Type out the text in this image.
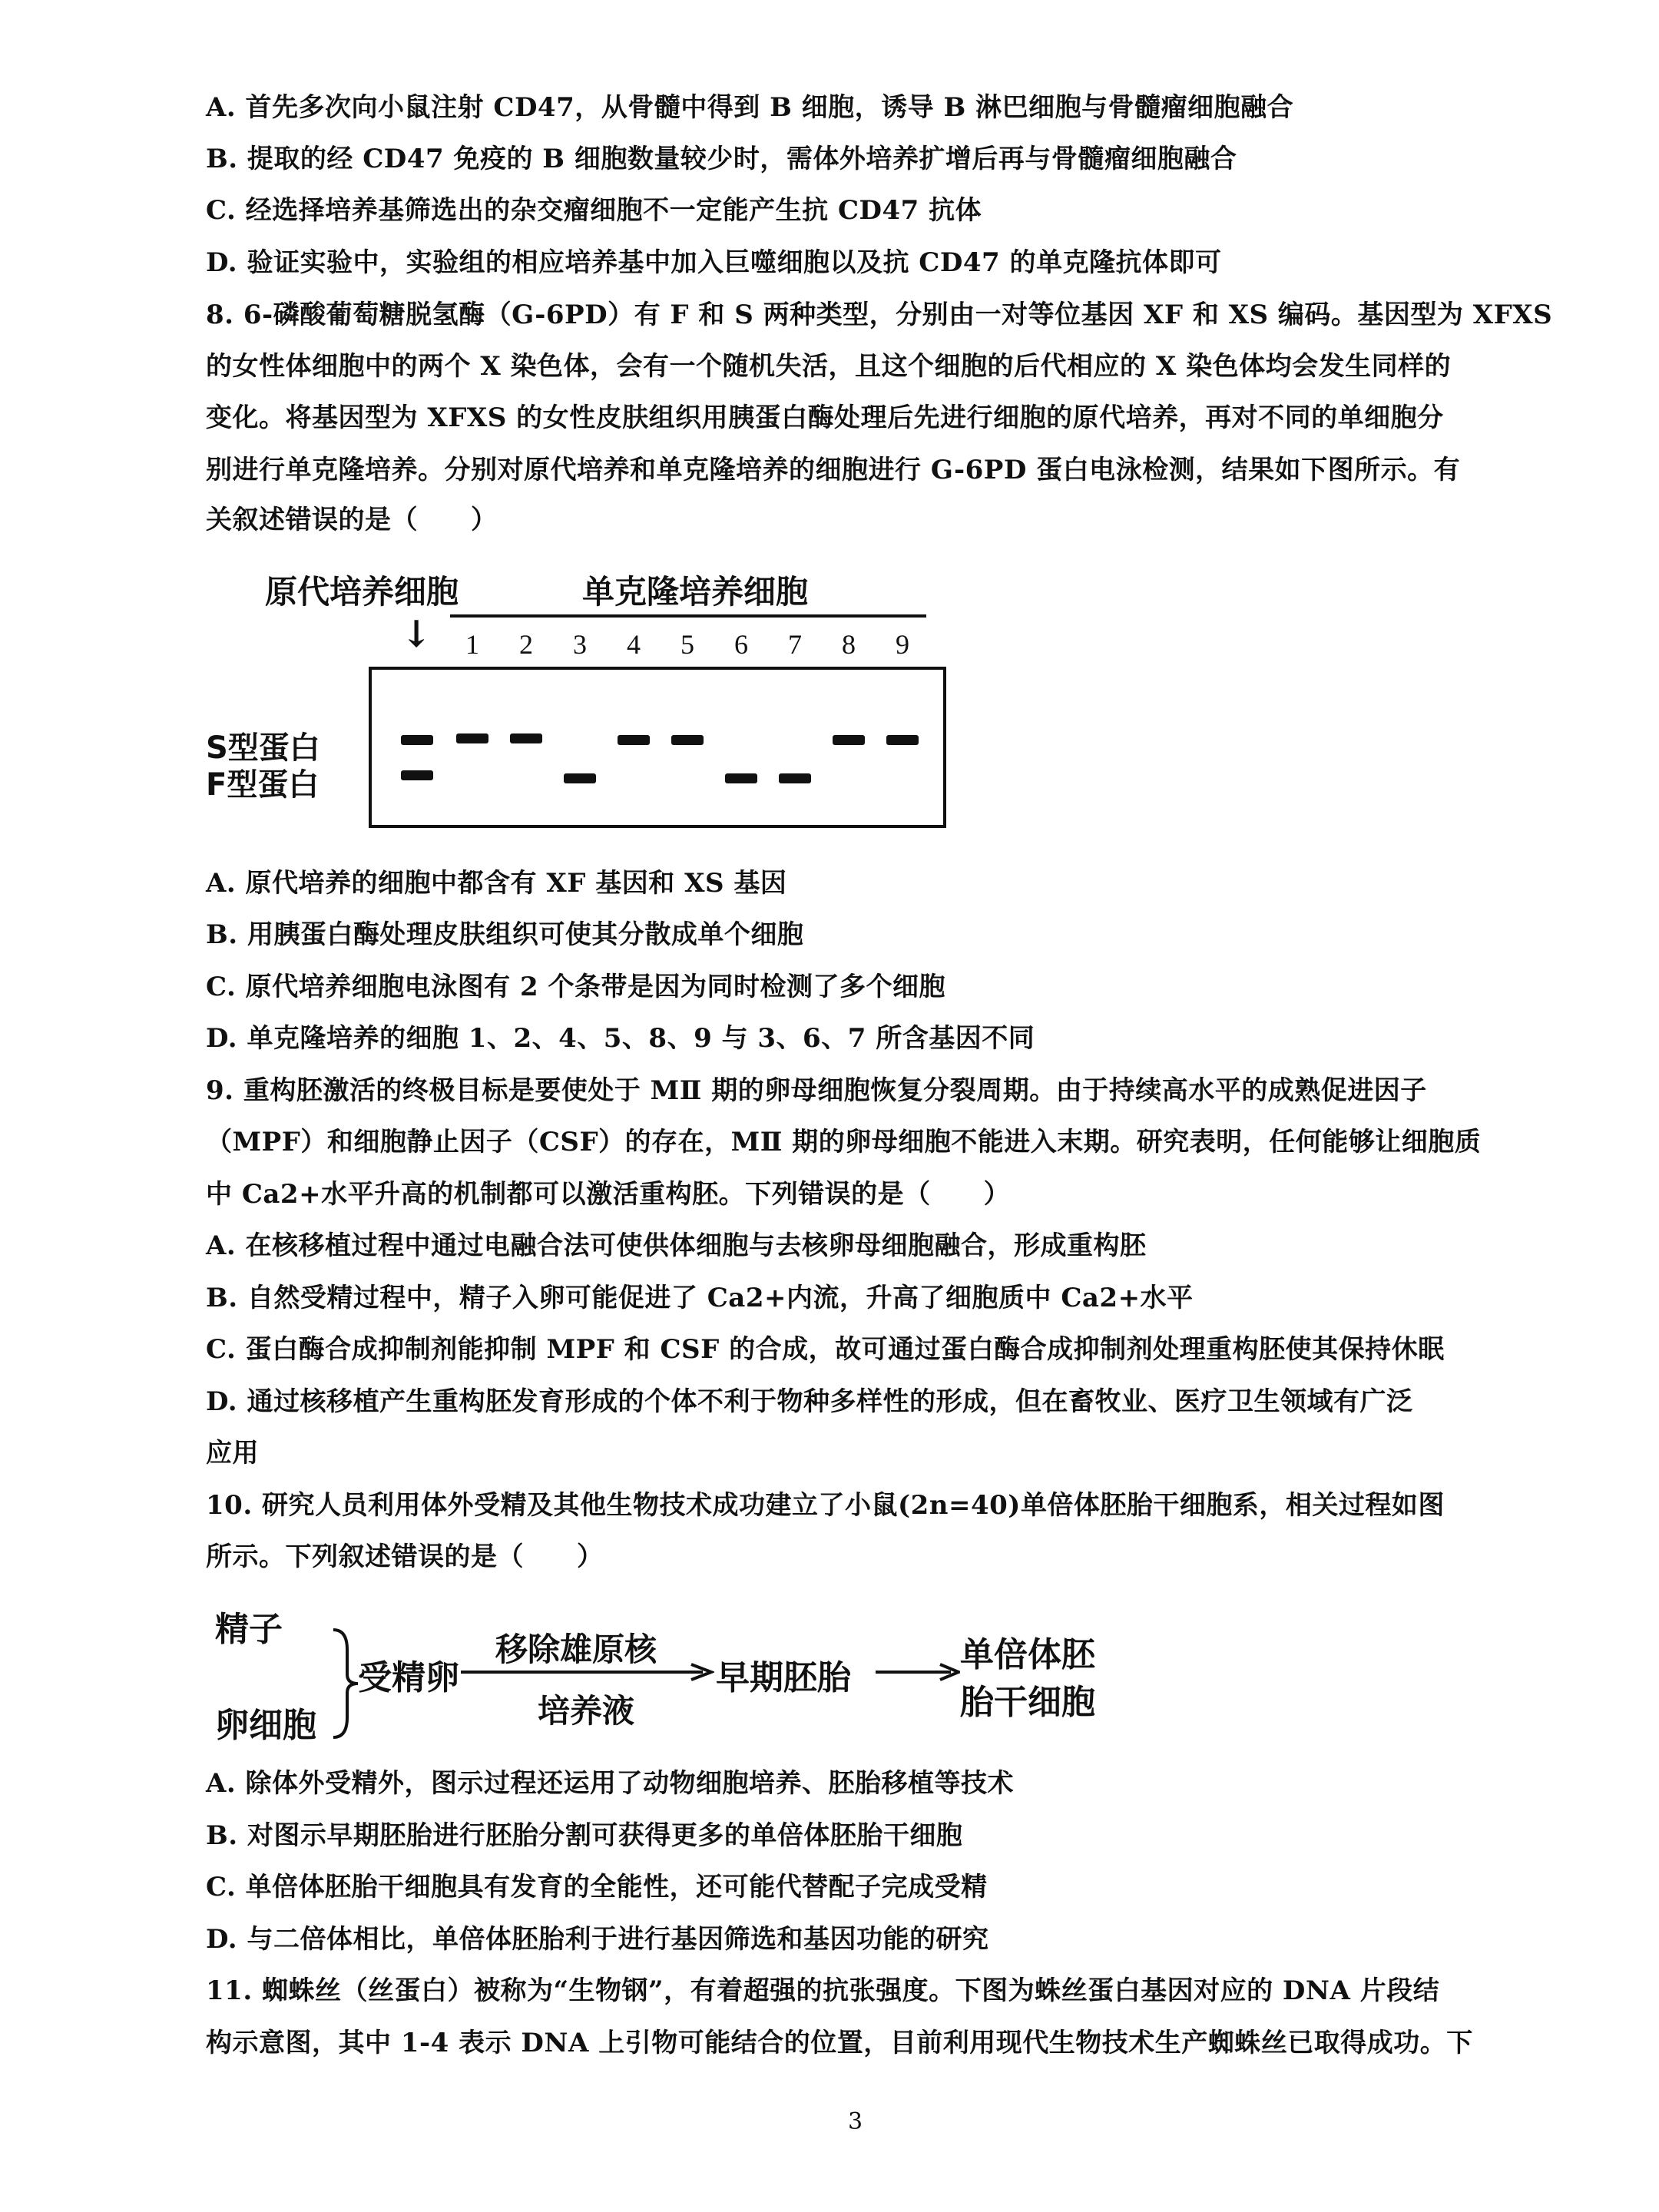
A. 首先多次向小鼠注射 CD47，从骨髓中得到 B 细胞，诱导 B 淋巴细胞与骨髓瘤细胞融合
B. 提取的经 CD47 免疫的 B 细胞数量较少时，需体外培养扩增后再与骨髓瘤细胞融合
C. 经选择培养基筛选出的杂交瘤细胞不一定能产生抗 CD47 抗体
D. 验证实验中，实验组的相应培养基中加入巨噬细胞以及抗 CD47 的单克隆抗体即可
8. 6-磷酸葡萄糖脱氢酶（G-6PD）有 F 和 S 两种类型，分别由一对等位基因 XF 和 XS 编码。基因型为 XFXS
的女性体细胞中的两个 X 染色体，会有一个随机失活，且这个细胞的后代相应的 X 染色体均会发生同样的
变化。将基因型为 XFXS 的女性皮肤组织用胰蛋白酶处理后先进行细胞的原代培养，再对不同的单细胞分
别进行单克隆培养。分别对原代培养和单克隆培养的细胞进行 G-6PD 蛋白电泳检测，结果如下图所示。有
关叙述错误的是（　　）
原代培养细胞	单克隆培养细胞
↓	1	2	3	4	5	6	7	8	9
S型蛋白
F型蛋白
A. 原代培养的细胞中都含有 XF 基因和 XS 基因
B. 用胰蛋白酶处理皮肤组织可使其分散成单个细胞
C. 原代培养细胞电泳图有 2 个条带是因为同时检测了多个细胞
D. 单克隆培养的细胞 1、2、4、5、8、9 与 3、6、7 所含基因不同
9. 重构胚激活的终极目标是要使处于 MⅡ 期的卵母细胞恢复分裂周期。由于持续高水平的成熟促进因子
（MPF）和细胞静止因子（CSF）的存在，MⅡ 期的卵母细胞不能进入末期。研究表明，任何能够让细胞质
中 Ca2+水平升高的机制都可以激活重构胚。下列错误的是（　　）
A. 在核移植过程中通过电融合法可使供体细胞与去核卵母细胞融合，形成重构胚
B. 自然受精过程中，精子入卵可能促进了 Ca2+内流，升高了细胞质中 Ca2+水平
C. 蛋白酶合成抑制剂能抑制 MPF 和 CSF 的合成，故可通过蛋白酶合成抑制剂处理重构胚使其保持休眠
D. 通过核移植产生重构胚发育形成的个体不利于物种多样性的形成，但在畜牧业、医疗卫生领域有广泛
应用
10. 研究人员利用体外受精及其他生物技术成功建立了小鼠(2n=40)单倍体胚胎干细胞系，相关过程如图
所示。下列叙述错误的是（　　）
精子
卵细胞
受精卵
移除雄原核
培养液
早期胚胎
单倍体胚
胎干细胞
A. 除体外受精外，图示过程还运用了动物细胞培养、胚胎移植等技术
B. 对图示早期胚胎进行胚胎分割可获得更多的单倍体胚胎干细胞
C. 单倍体胚胎干细胞具有发育的全能性，还可能代替配子完成受精
D. 与二倍体相比，单倍体胚胎利于进行基因筛选和基因功能的研究
11. 蜘蛛丝（丝蛋白）被称为“生物钢”，有着超强的抗张强度。下图为蛛丝蛋白基因对应的 DNA 片段结
构示意图，其中 1-4 表示 DNA 上引物可能结合的位置，目前利用现代生物技术生产蜘蛛丝已取得成功。下
3
